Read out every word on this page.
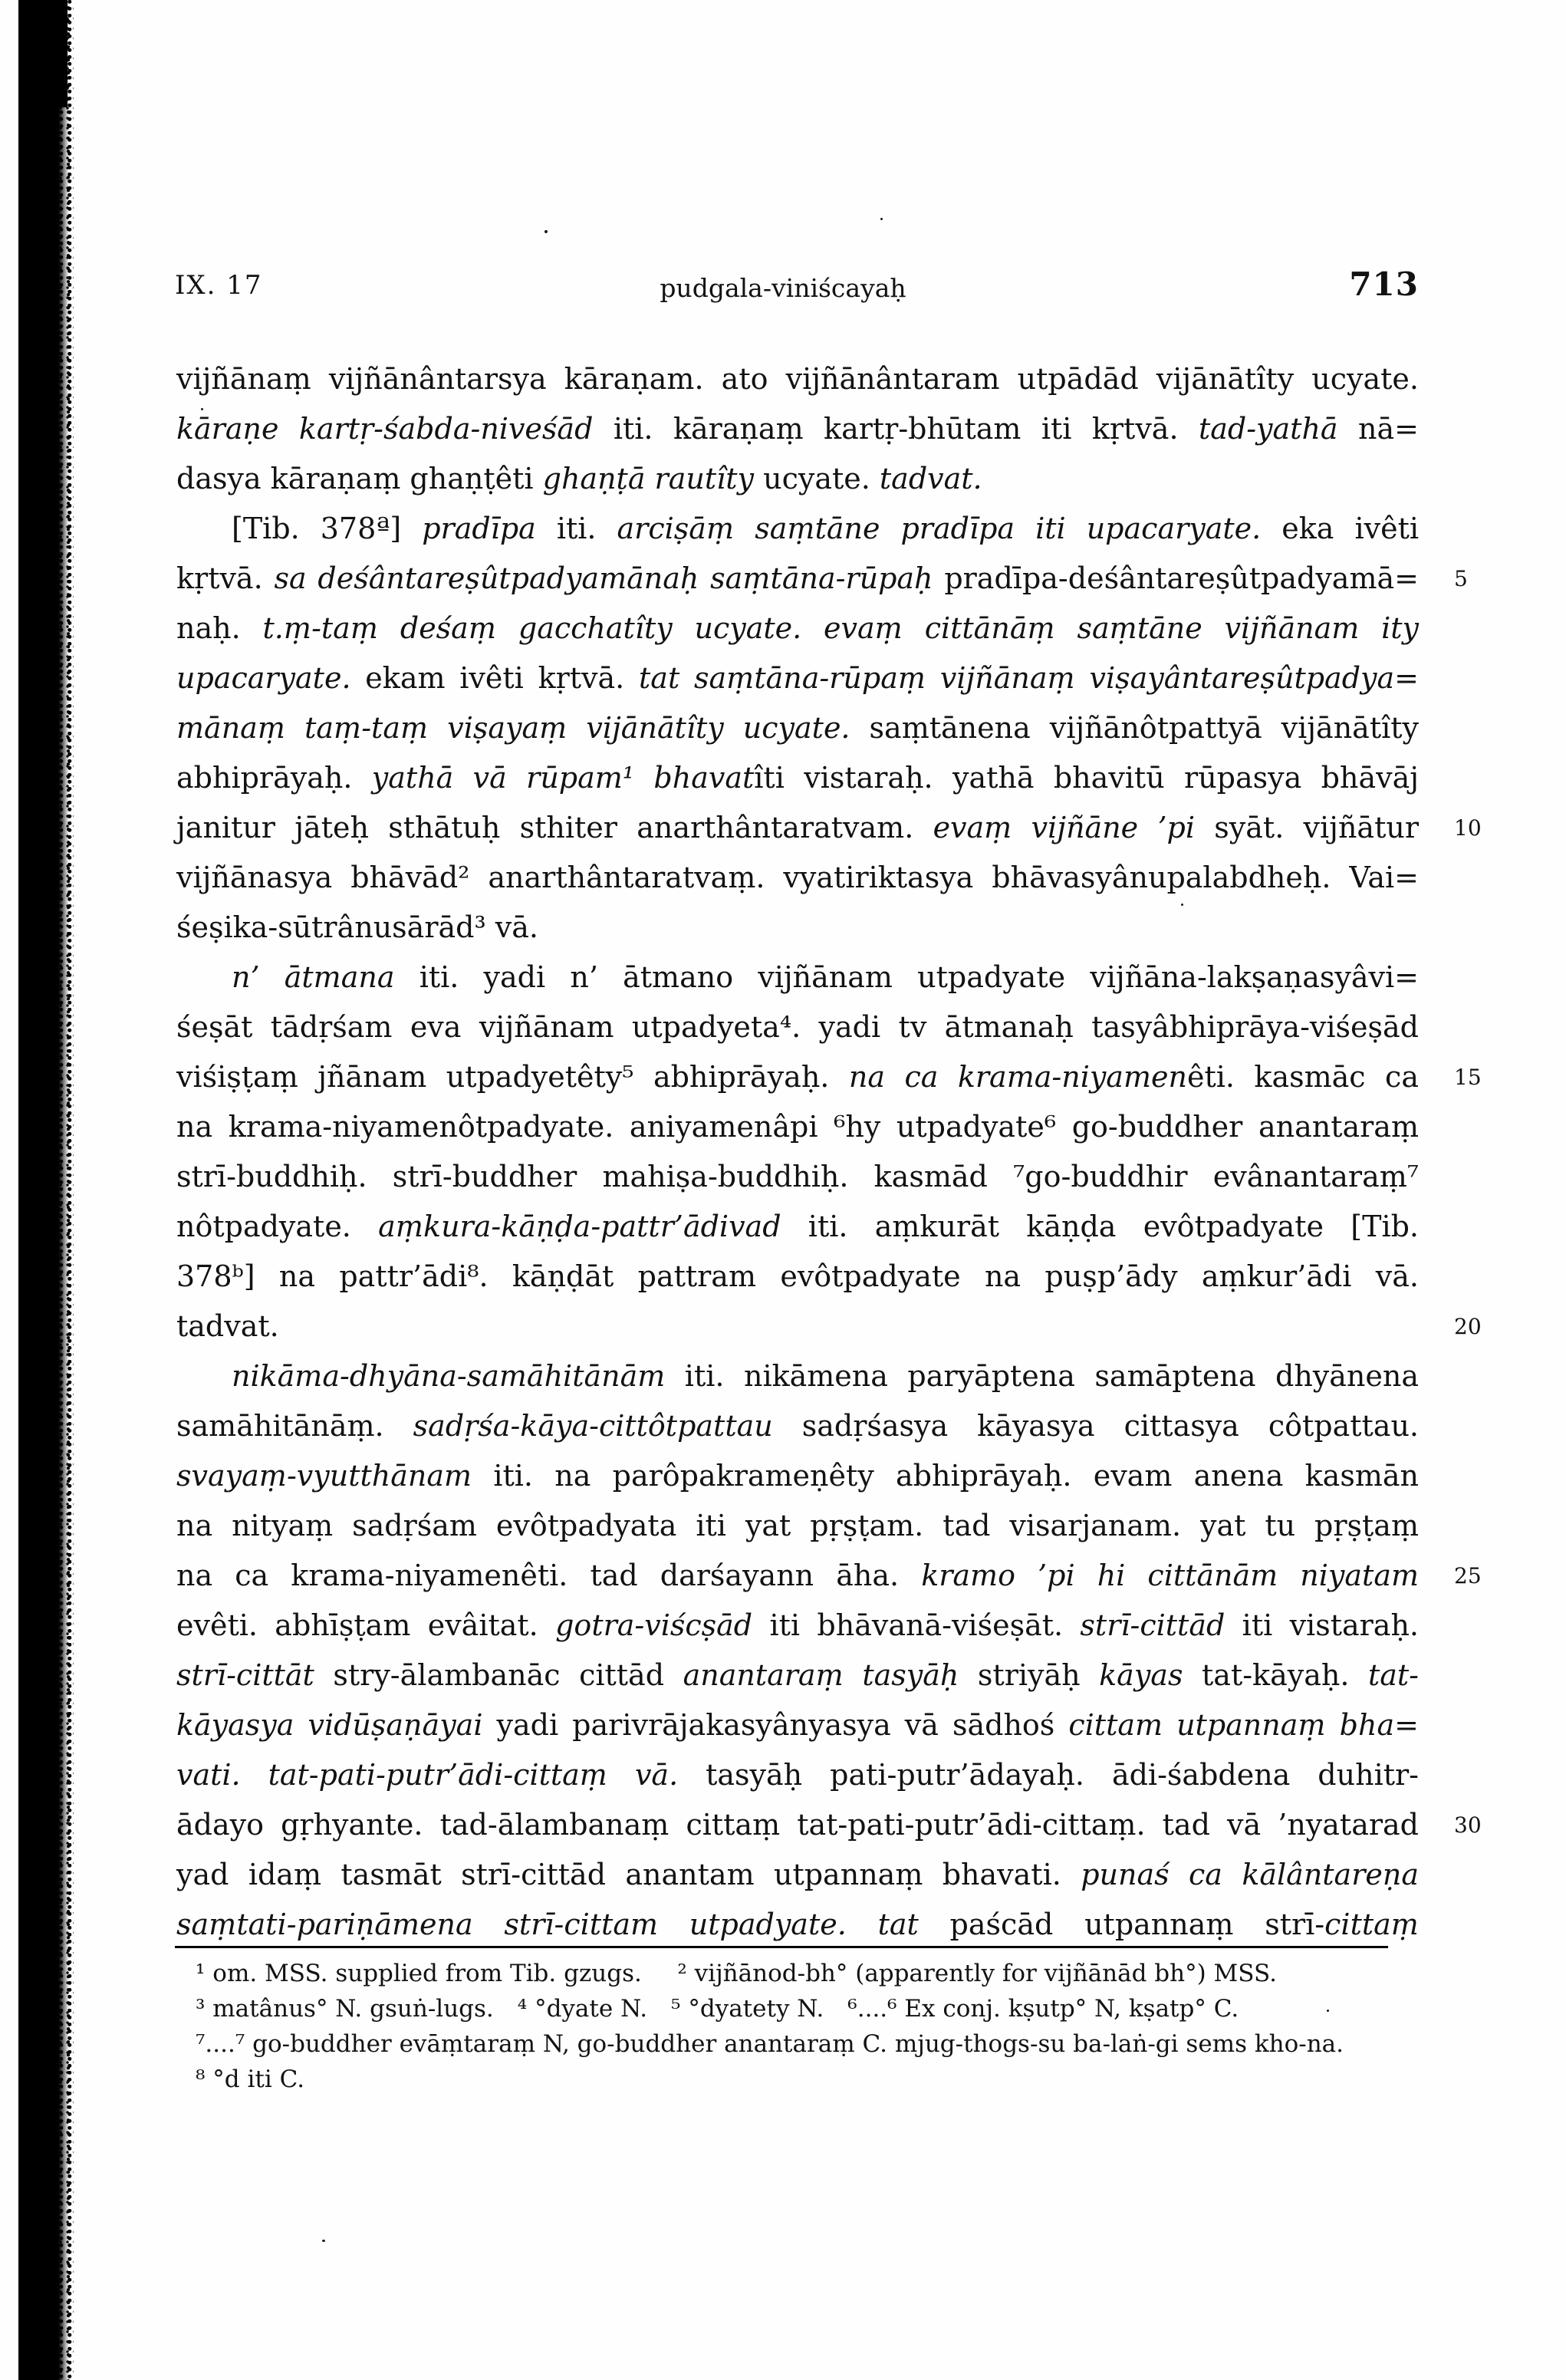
IX. 17	pudgala-viniścayaḥ	713
vijñānaṃ vijñānântarsya kāraṇam. ato vijñānântaram utpādād vijānātîty ucyate.
kāraṇe kartṛ-śabda-niveśād iti. kāraṇaṃ kartṛ-bhūtam iti kṛtvā. tad-yathā nā=
dasya kāraṇaṃ ghaṇṭêti ghaṇṭā rautîty ucyate. tadvat.
[Tib. 378ª] pradīpa iti. arciṣāṃ saṃtāne pradīpa iti upacaryate. eka ivêti
kṛtvā. sa deśântareṣûtpadyamānaḥ saṃtāna-rūpaḥ pradīpa-deśântareṣûtpadyamā= 5
naḥ. t.ṃ-taṃ deśaṃ gacchatîty ucyate. evaṃ cittānāṃ saṃtāne vijñānam ity
upacaryate. ekam ivêti kṛtvā. tat saṃtāna-rūpaṃ vijñānaṃ viṣayântareṣûtpadya=
mānaṃ taṃ-taṃ viṣayaṃ vijānātîty ucyate. saṃtānena vijñānôtpattyā vijānātîty
abhiprāyaḥ. yathā vā rūpam¹ bhavatîti vistaraḥ. yathā bhavitū rūpasya bhāvāj
janitur jāteḥ sthātuḥ sthiter anarthântaratvam. evaṃ vijñāne ’pi syāt. vijñātur 10
vijñānasya bhāvād² anarthântaratvaṃ. vyatiriktasya bhāvasyânupalabdheḥ. Vai=
śeṣika-sūtrânusārād³ vā.
n’ ātmana iti. yadi n’ ātmano vijñānam utpadyate vijñāna-lakṣaṇasyâvi=
śeṣāt tādṛśam eva vijñānam utpadyeta⁴. yadi tv ātmanaḥ tasyâbhiprāya-viśeṣād
viśiṣṭaṃ jñānam utpadyetêty⁵ abhiprāyaḥ. na ca krama-niyamenêti. kasmāc ca 15
na krama-niyamenôtpadyate. aniyamenâpi ⁶hy utpadyate⁶ go-buddher anantaraṃ
strī-buddhiḥ. strī-buddher mahiṣa-buddhiḥ. kasmād ⁷go-buddhir evânantaraṃ⁷
nôtpadyate. aṃkura-kāṇḍa-pattr’ādivad iti. aṃkurāt kāṇḍa evôtpadyate [Tib.
378ᵇ] na pattr’ādi⁸. kāṇḍāt pattram evôtpadyate na puṣp’ādy aṃkur’ādi vā.
tadvat.	20
nikāma-dhyāna-samāhitānām iti. nikāmena paryāptena samāptena dhyānena
samāhitānāṃ. sadṛśa-kāya-cittôtpattau sadṛśasya kāyasya cittasya côtpattau.
svayaṃ-vyutthānam iti. na parôpakrameṇêty abhiprāyaḥ. evam anena kasmān
na nityaṃ sadṛśam evôtpadyata iti yat pṛṣṭam. tad visarjanam. yat tu pṛṣṭaṃ
na ca krama-niyamenêti. tad darśayann āha. kramo ’pi hi cittānām niyatam 25
evêti. abhīṣṭam evâitat. gotra-viścṣād iti bhāvanā-viśeṣāt. strī-cittād iti vistaraḥ.
strī-cittāt stry-ālambanāc cittād anantaraṃ tasyāḥ striyāḥ kāyas tat-kāyaḥ. tat-
kāyasya vidūṣaṇāyai yadi parivrājakasyânyasya vā sādhoś cittam utpannaṃ bha=
vati. tat-pati-putr’ādi-cittaṃ vā. tasyāḥ pati-putr’ādayaḥ. ādi-śabdena duhitr-
ādayo gṛhyante. tad-ālambanaṃ cittaṃ tat-pati-putr’ādi-cittaṃ. tad vā ’nyatarad 30
yad idaṃ tasmāt strī-cittād anantam utpannaṃ bhavati. punaś ca kālântareṇa
saṃtati-pariṇāmena strī-cittam utpadyate. tat paścād utpannaṃ strī-cittaṃ
¹ om. MSS. supplied from Tib. gzugs.  ² vijñānod-bh° (apparently for vijñānād bh°) MSS.
³ matânus° N. gsuṅ-lugs. ⁴ °dyate N. ⁵ °dyatety N. ⁶....⁶ Ex conj. kṣutp° N, kṣatp° C.
⁷....⁷ go-buddher evāṃtaraṃ N, go-buddher anantaraṃ C. mjug-thogs-su ba-laṅ-gi sems kho-na.
⁸ °d iti C.
